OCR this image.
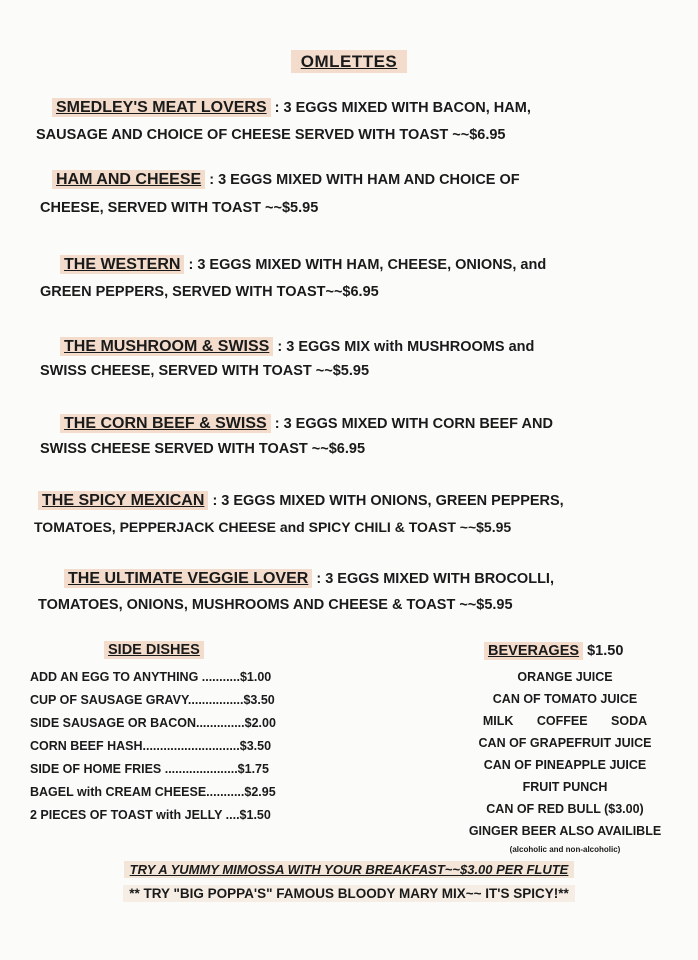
OMLETTES
SMEDLEY'S MEAT LOVERS : 3 EGGS MIXED WITH BACON, HAM,
SAUSAGE AND CHOICE OF CHEESE SERVED WITH TOAST ~~$6.95
HAM AND CHEESE : 3 EGGS MIXED WITH HAM AND CHOICE OF
CHEESE, SERVED WITH TOAST ~~$5.95
THE WESTERN : 3 EGGS MIXED WITH HAM, CHEESE, ONIONS, and
GREEN PEPPERS, SERVED WITH TOAST~~$6.95
THE MUSHROOM & SWISS : 3 EGGS MIX with MUSHROOMS and
SWISS CHEESE, SERVED WITH TOAST ~~$5.95
THE CORN BEEF & SWISS : 3 EGGS MIXED WITH CORN BEEF AND
SWISS CHEESE SERVED WITH TOAST ~~$6.95
THE SPICY MEXICAN : 3 EGGS MIXED WITH ONIONS, GREEN PEPPERS,
TOMATOES, PEPPERJACK CHEESE and SPICY CHILI & TOAST ~~$5.95
THE ULTIMATE VEGGIE LOVER : 3 EGGS MIXED WITH BROCOLLI,
TOMATOES, ONIONS, MUSHROOMS AND CHEESE & TOAST ~~$5.95
SIDE DISHES
ADD AN EGG TO ANYTHING ...........$1.00
CUP OF SAUSAGE GRAVY................$3.50
SIDE SAUSAGE OR BACON..............$2.00
CORN BEEF HASH............................$3.50
SIDE OF HOME FRIES .....................$1.75
BAGEL with CREAM CHEESE...........$2.95
2 PIECES OF TOAST with JELLY ....$1.50
BEVERAGES $1.50
ORANGE JUICE
CAN OF TOMATO JUICE
MILK COFFEE SODA
CAN OF GRAPEFRUIT JUICE
CAN OF PINEAPPLE JUICE
FRUIT PUNCH
CAN OF RED BULL ($3.00)
GINGER BEER ALSO AVAILIBLE
(alcoholic and non-alcoholic)
TRY A YUMMY MIMOSSA WITH YOUR BREAKFAST~~$3.00 PER FLUTE
** TRY "BIG POPPA'S" FAMOUS BLOODY MARY MIX~~ IT'S SPICY!**
